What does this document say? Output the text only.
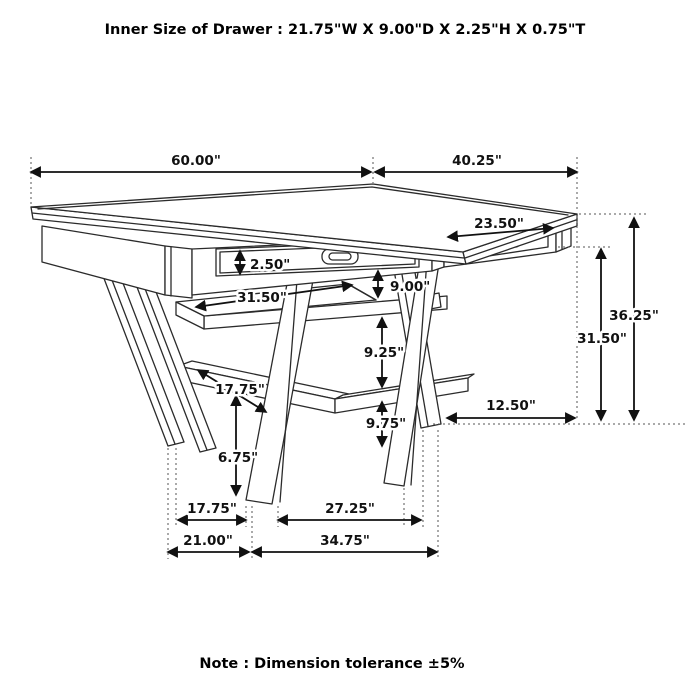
Inner Size of Drawer : 21.75"W X 9.00"D X 2.25"H X 0.75"T
Note : Dimension tolerance ±5%
60.00"	40.25"
23.50"
2.50"
31.50"
9.00"
9.25"
9.75"
17.75"
6.75"
36.25"
31.50"
12.50"
17.75"	27.25"
21.00"	34.75"
